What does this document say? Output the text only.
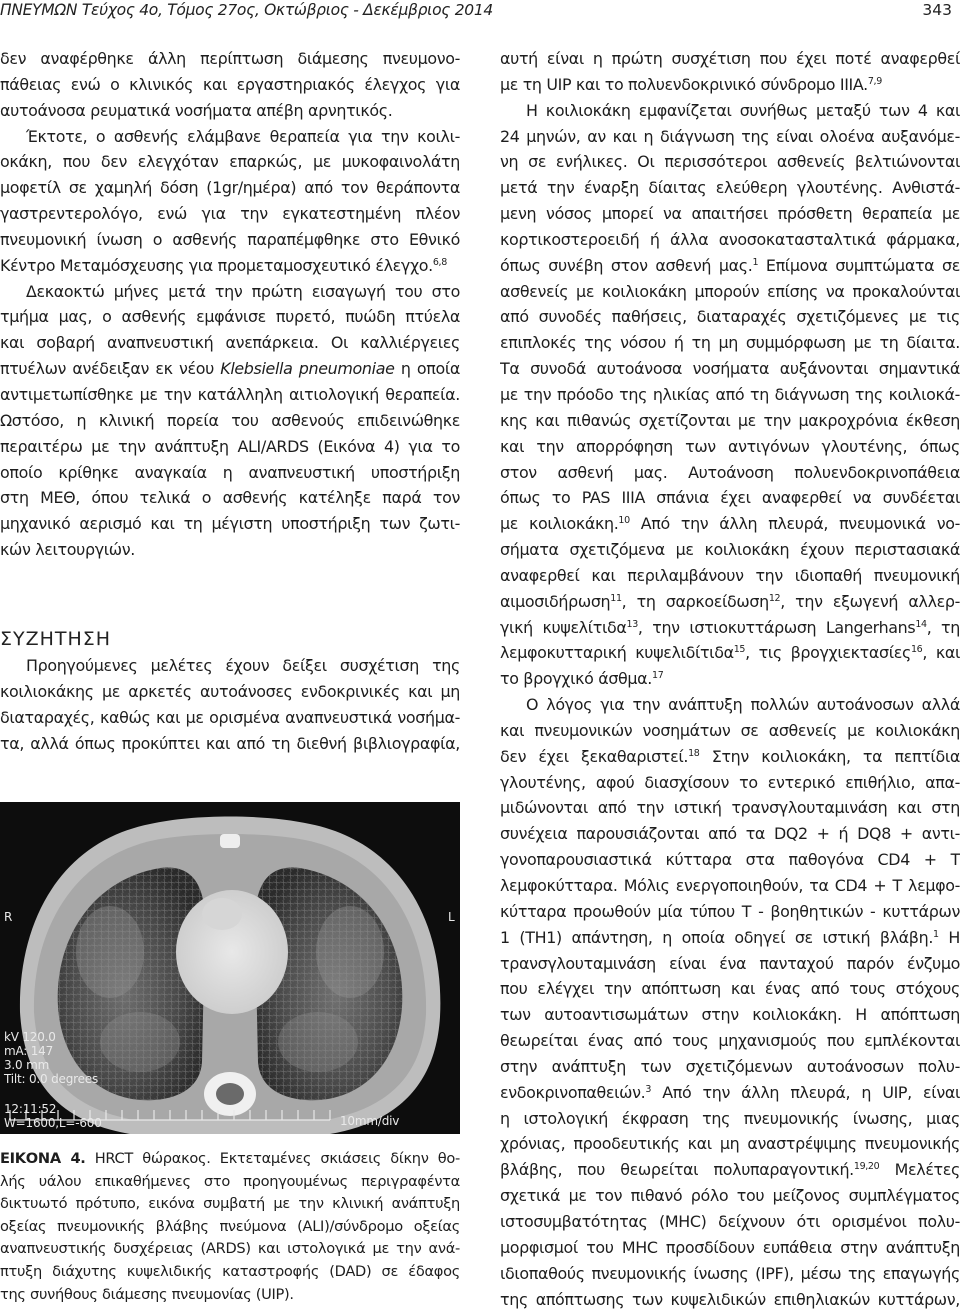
ΠΝΕΥΜΩΝ Τεύχος 4ο, Τόμος 27ος, Οκτώβριος - Δεκέμβριος 2014	343
δεν αναφέρθηκε άλλη περίπτωση διάμεσης πνευμονο-
πάθειας ενώ ο κλινικός και εργαστηριακός έλεγχος για
αυτοάνοσα ρευματικά νοσήματα απέβη αρνητικός.
Έκτοτε, ο ασθενής ελάμβανε θεραπεία για την κοιλι-
οκάκη, που δεν ελεγχόταν επαρκώς, με μυκοφαινολάτη
μοφετίλ σε χαμηλή δόση (1gr/ημέρα) από τον θεράποντα
γαστρεντερολόγο, ενώ για την εγκατεστημένη πλέον
πνευμονική ίνωση ο ασθενής παραπέμφθηκε στο Εθνικό
Κέντρο Μεταμόσχευσης για προμεταμοσχευτικό έλεγχο.$^{6,8}$
Δεκαοκτώ μήνες μετά την πρώτη εισαγωγή του στο
τμήμα μας, ο ασθενής εμφάνισε πυρετό, πυώδη πτύελα
και σοβαρή αναπνευστική ανεπάρκεια. Οι καλλιέργειες
πτυέλων ανέδειξαν εκ νέου Klebsiella pneumoniae η οποία
αντιμετωπίσθηκε με την κατάλληλη αιτιολογική θεραπεία.
Ωστόσο, η κλινική πορεία του ασθενούς επιδεινώθηκε
περαιτέρω με την ανάπτυξη ALI/ARDS (Εικόνα 4) για το
οποίο κρίθηκε αναγκαία η αναπνευστική υποστήριξη
στη ΜΕΘ, όπου τελικά ο ασθενής κατέληξε παρά τον
μηχανικό αερισμό και τη μέγιστη υποστήριξη των ζωτι-
κών λειτουργιών.
ΣΥΖΗΤΗΣΗ
Προηγούμενες μελέτες έχουν δείξει συσχέτιση της
κοιλιοκάκης με αρκετές αυτοάνοσες ενδοκρινικές και μη
διαταραχές, καθώς και με ορισμένα αναπνευστικά νοσήμα-
τα, αλλά όπως προκύπτει και από τη διεθνή βιβλιογραφία,
R	L
kV 120.0
mA: 147
3.0 mm
Tilt: 0.0 degrees
12:11:52
W=1600,L=-600	10mm/div
ΕΙΚΟΝΑ 4. HRCT θώρακος. Εκτεταμένες σκιάσεις δίκην θο-
λής υάλου επικαθήμενες στο προηγουμένως περιγραφέντα
δικτυωτό πρότυπο, εικόνα συμβατή με την κλινική ανάπτυξη
οξείας πνευμονικής βλάβης πνεύμονα (ALI)/σύνδρομο οξείας
αναπνευστικής δυσχέρειας (ARDS) και ιστολογικά με την ανά-
πτυξη διάχυτης κυψελιδικής καταστροφής (DAD) σε έδαφος
της συνήθους διάμεσης πνευμονίας (UIP).
αυτή είναι η πρώτη συσχέτιση που έχει ποτέ αναφερθεί
με τη UIP και το πολυενδοκρινικό σύνδρομο IIIA.$^{7,9}$
Η κοιλιοκάκη εμφανίζεται συνήθως μεταξύ των 4 και
24 μηνών, αν και η διάγνωση της είναι ολοένα αυξανόμε-
νη σε ενήλικες. Οι περισσότεροι ασθενείς βελτιώνονται
μετά την έναρξη δίαιτας ελεύθερη γλουτένης. Ανθιστά-
μενη νόσος μπορεί να απαιτήσει πρόσθετη θεραπεία με
κορτικοστεροειδή ή άλλα ανοσοκατασταλτικά φάρμακα,
όπως συνέβη στον ασθενή μας.$^1$ Επίμονα συμπτώματα σε
ασθενείς με κοιλιοκάκη μπορούν επίσης να προκαλούνται
από συνοδές παθήσεις, διαταραχές σχετιζόμενες με τις
επιπλοκές της νόσου ή τη μη συμμόρφωση με τη δίαιτα.
Τα συνοδά αυτοάνοσα νοσήματα αυξάνονται σημαντικά
με την πρόοδο της ηλικίας από τη διάγνωση της κοιλιοκά-
κης και πιθανώς σχετίζονται με την μακροχρόνια έκθεση
και την απορρόφηση των αντιγόνων γλουτένης, όπως
στον ασθενή μας. Αυτοάνοση πολυενδοκρινοπάθεια
όπως το PAS IIIA σπάνια έχει αναφερθεί να συνδέεται
με κοιλιοκάκη.$^{10}$ Από την άλλη πλευρά, πνευμονικά νο-
σήματα σχετιζόμενα με κοιλιοκάκη έχουν περιστασιακά
αναφερθεί και περιλαμβάνουν την ιδιοπαθή πνευμονική
αιμοσιδήρωση$^{11}$, τη σαρκοείδωση$^{12}$, την εξωγενή αλλερ-
γική κυψελίτιδα$^{13}$, την ιστιοκυττάρωση Langerhans$^{14}$, τη
λεμφοκυτταρική κυψελιδίτιδα$^{15}$, τις βρογχιεκτασίες$^{16}$, και
το βρογχικό άσθμα.$^{17}$
Ο λόγος για την ανάπτυξη πολλών αυτοάνοσων αλλά
και πνευμονικών νοσημάτων σε ασθενείς με κοιλιοκάκη
δεν έχει ξεκαθαριστεί.$^{18}$ Στην κοιλιοκάκη, τα πεπτίδια
γλουτένης, αφού διασχίσουν το εντερικό επιθήλιο, απα-
μιδώνονται από την ιστική τρανσγλουταμινάση και στη
συνέχεια παρουσιάζονται από τα DQ2 + ή DQ8 + αντι-
γονοπαρουσιαστικά κύτταρα στα παθογόνα CD4 + T
λεμφοκύτταρα. Μόλις ενεργοποιηθούν, τα CD4 + T λεμφο-
κύτταρα προωθούν μία τύπου T - βοηθητικών - κυττάρων
1 (TH1) απάντηση, η οποία οδηγεί σε ιστική βλάβη.$^1$ Η
τρανσγλουταμινάση είναι ένα πανταχού παρόν ένζυμο
που ελέγχει την απόπτωση και ένας από τους στόχους
των αυτοαντισωμάτων στην κοιλιοκάκη. Η απόπτωση
θεωρείται ένας από τους μηχανισμούς που εμπλέκονται
στην ανάπτυξη των σχετιζόμενων αυτοάνοσων πολυ-
ενδοκρινοπαθειών.$^3$ Από την άλλη πλευρά, η UIP, είναι
η ιστολογική έκφραση της πνευμονικής ίνωσης, μιας
χρόνιας, προοδευτικής και μη αναστρέψιμης πνευμονικής
βλάβης, που θεωρείται πολυπαραγοντική.$^{19,20}$ Μελέτες
σχετικά με τον πιθανό ρόλο του μείζονος συμπλέγματος
ιστοσυμβατότητας (MHC) δείχνουν ότι ορισμένοι πολυ-
μορφισμοί του MHC προσδίδουν ευπάθεια στην ανάπτυξη
ιδιοπαθούς πνευμονικής ίνωσης (IPF), μέσω της επαγωγής
της απόπτωσης των κυψελιδικών επιθηλιακών κυττάρων,
